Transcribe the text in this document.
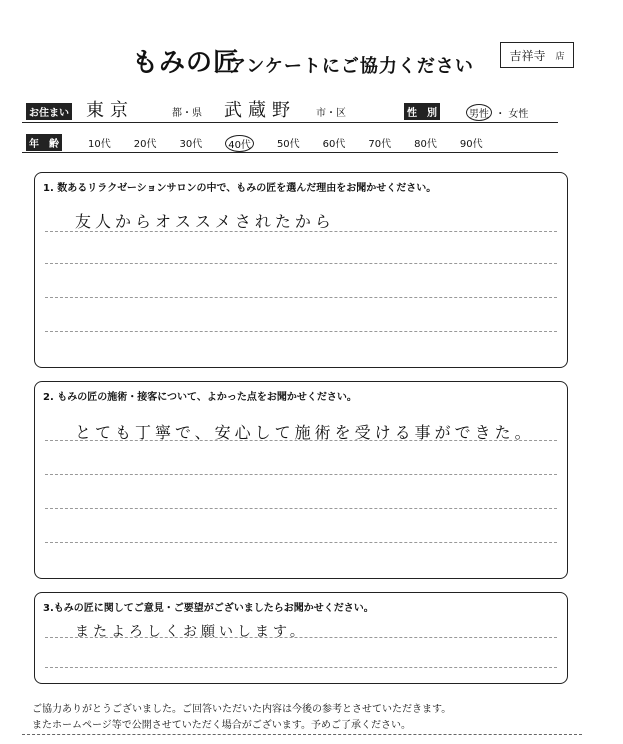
もみの匠
アンケートにご協力ください
吉祥寺 店
お住まい 東京	都・県 武蔵野 市・区	性　別	男性 ・ 女性
年　齢	10代 20代 30代	40代	50代 60代 70代 80代 90代
1. 数あるリラクゼーションサロンの中で、もみの匠を選んだ理由をお聞かせください。
友人からオススメされたから
2. もみの匠の施術・接客について、よかった点をお聞かせください。
とても丁寧で、安心して施術を受ける事ができた。
3.もみの匠に関してご意見・ご要望がございましたらお聞かせください。
またよろしくお願いします。
ご協力ありがとうございました。ご回答いただいた内容は今後の参考とさせていただきます。
またホームページ等で公開させていただく場合がございます。予めご了承ください。
